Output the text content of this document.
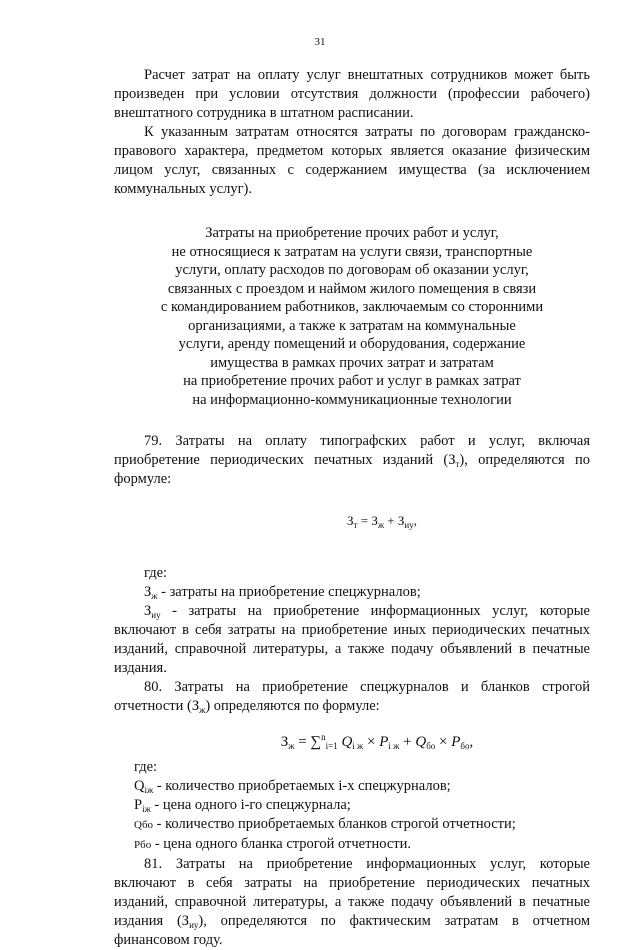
31

Расчет затрат на оплату услуг внештатных сотрудников может быть произведен при условии отсутствия должности (профессии рабочего) внештатного сотрудника в штатном расписании.

К указанным затратам относятся затраты по договорам гражданско-правового характера, предметом которых является оказание физическим лицом услуг, связанных с содержанием имущества (за исключением коммунальных услуг).

Затраты на приобретение прочих работ и услуг,
не относящиеся к затратам на услуги связи, транспортные
услуги, оплату расходов по договорам об оказании услуг,
связанных с проездом и наймом жилого помещения в связи
с командированием работников, заключаемым со сторонними
организациями, а также к затратам на коммунальные
услуги, аренду помещений и оборудования, содержание
имущества в рамках прочих затрат и затратам
на приобретение прочих работ и услуг в рамках затрат
на информационно-коммуникационные технологии

79. Затраты на оплату типографских работ и услуг, включая приобретение периодических печатных изданий $(З_т)$, определяются по формуле:

$З_т = З_ж + З_{иу}$,

где:

$З_ж$ - затраты на приобретение спецжурналов;

$З_{иу}$ - затраты на приобретение информационных услуг, которые включают в себя затраты на приобретение иных периодических печатных изданий, справочной литературы, а также подачу объявлений в печатные издания.

80. Затраты на приобретение спецжурналов и бланков строгой отчетности $(З_ж)$ определяются по формуле:

$З_ж = \sum^n_{i=1}$ $Q_{i ж} \times P_{i ж} + Q_{бо} \times P_{бо}$,

где:

$Q_{iж}$ - количество приобретаемых i-х спецжурналов;

$P_{iж}$ - цена одного i-го спецжурнала;

Qбо - количество приобретаемых бланков строгой отчетности;

Pбо - цена одного бланка строгой отчетности.

81. Затраты на приобретение информационных услуг, которые включают в себя затраты на приобретение периодических печатных изданий, справочной литературы, а также подачу объявлений в печатные издания $(З_{иу})$, определяются по фактическим затратам в отчетном финансовом году.
